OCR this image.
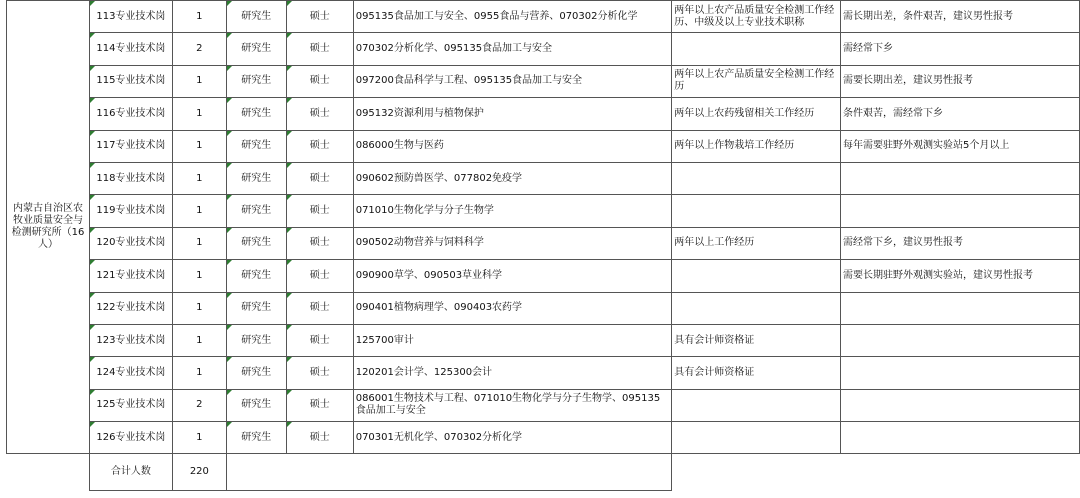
内蒙古自治区农牧业质量安全与检测研究所（16人）	113专业技术岗	1	研究生	硕士	095135食品加工与安全、0955食品与营养、070302分析化学	两年以上农产品质量安全检测工作经历、中级及以上专业技术职称	需长期出差，条件艰苦，建议男性报考
	114专业技术岗	2	研究生	硕士	070302分析化学、095135食品加工与安全		需经常下乡
	115专业技术岗	1	研究生	硕士	097200食品科学与工程、095135食品加工与安全	两年以上农产品质量安全检测工作经历	需要长期出差，建议男性报考
	116专业技术岗	1	研究生	硕士	095132资源利用与植物保护	两年以上农药残留相关工作经历	条件艰苦，需经常下乡
	117专业技术岗	1	研究生	硕士	086000生物与医药	两年以上作物栽培工作经历	每年需要驻野外观测实验站5个月以上
	118专业技术岗	1	研究生	硕士	090602预防兽医学、077802免疫学		
	119专业技术岗	1	研究生	硕士	071010生物化学与分子生物学		
	120专业技术岗	1	研究生	硕士	090502动物营养与饲料科学	两年以上工作经历	需经常下乡，建议男性报考
	121专业技术岗	1	研究生	硕士	090900草学、090503草业科学		需要长期驻野外观测实验站，建议男性报考
	122专业技术岗	1	研究生	硕士	090401植物病理学、090403农药学		
	123专业技术岗	1	研究生	硕士	125700审计	具有会计师资格证	
	124专业技术岗	1	研究生	硕士	120201会计学、125300会计	具有会计师资格证	
	125专业技术岗	2	研究生	硕士	086001生物技术与工程、071010生物化学与分子生物学、095135食品加工与安全		
	126专业技术岗	1	研究生	硕士	070301无机化学、070302分析化学		
	合计人数	220					
